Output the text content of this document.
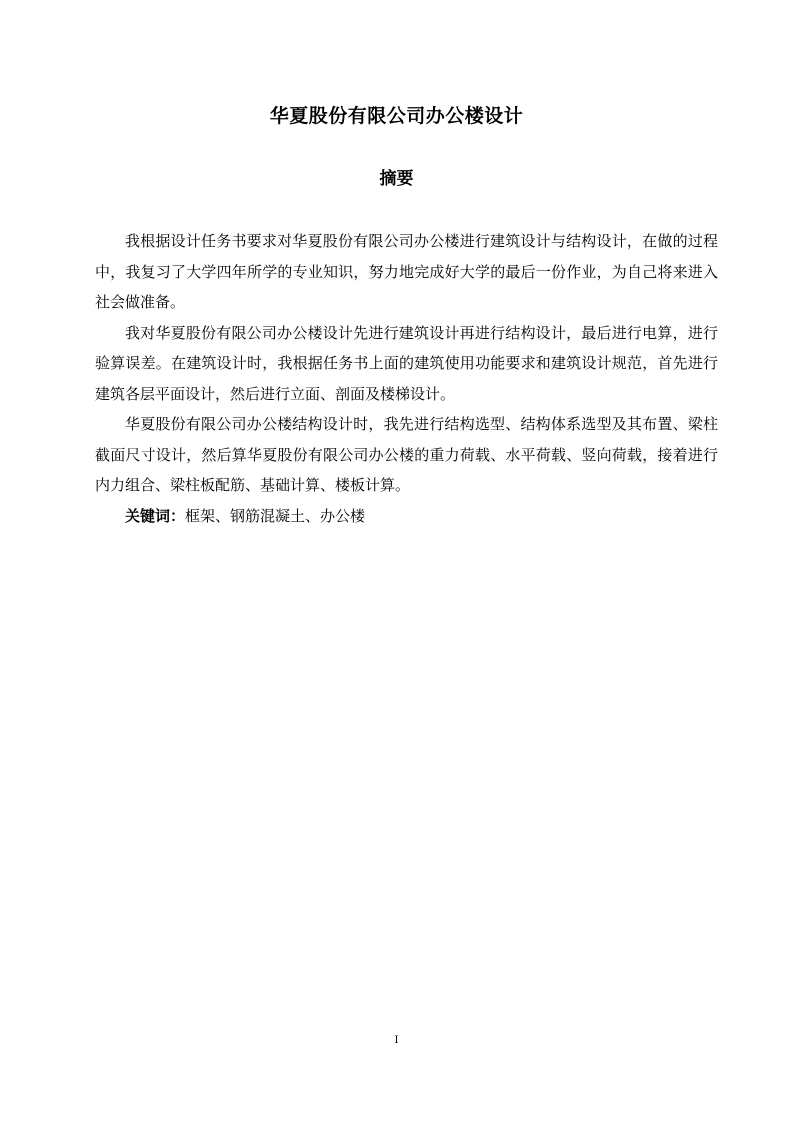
华夏股份有限公司办公楼设计
摘要

我根据设计任务书要求对华夏股份有限公司办公楼进行建筑设计与结构设计，在做的过程中，我复习了大学四年所学的专业知识，努力地完成好大学的最后一份作业，为自己将来进入社会做准备。

我对华夏股份有限公司办公楼设计先进行建筑设计再进行结构设计，最后进行电算，进行验算误差。在建筑设计时，我根据任务书上面的建筑使用功能要求和建筑设计规范，首先进行建筑各层平面设计，然后进行立面、剖面及楼梯设计。

华夏股份有限公司办公楼结构设计时，我先进行结构选型、结构体系选型及其布置、梁柱截面尺寸设计，然后算华夏股份有限公司办公楼的重力荷载、水平荷载、竖向荷载，接着进行内力组合、梁柱板配筋、基础计算、楼板计算。

关键词：框架、钢筋混凝土、办公楼

I
